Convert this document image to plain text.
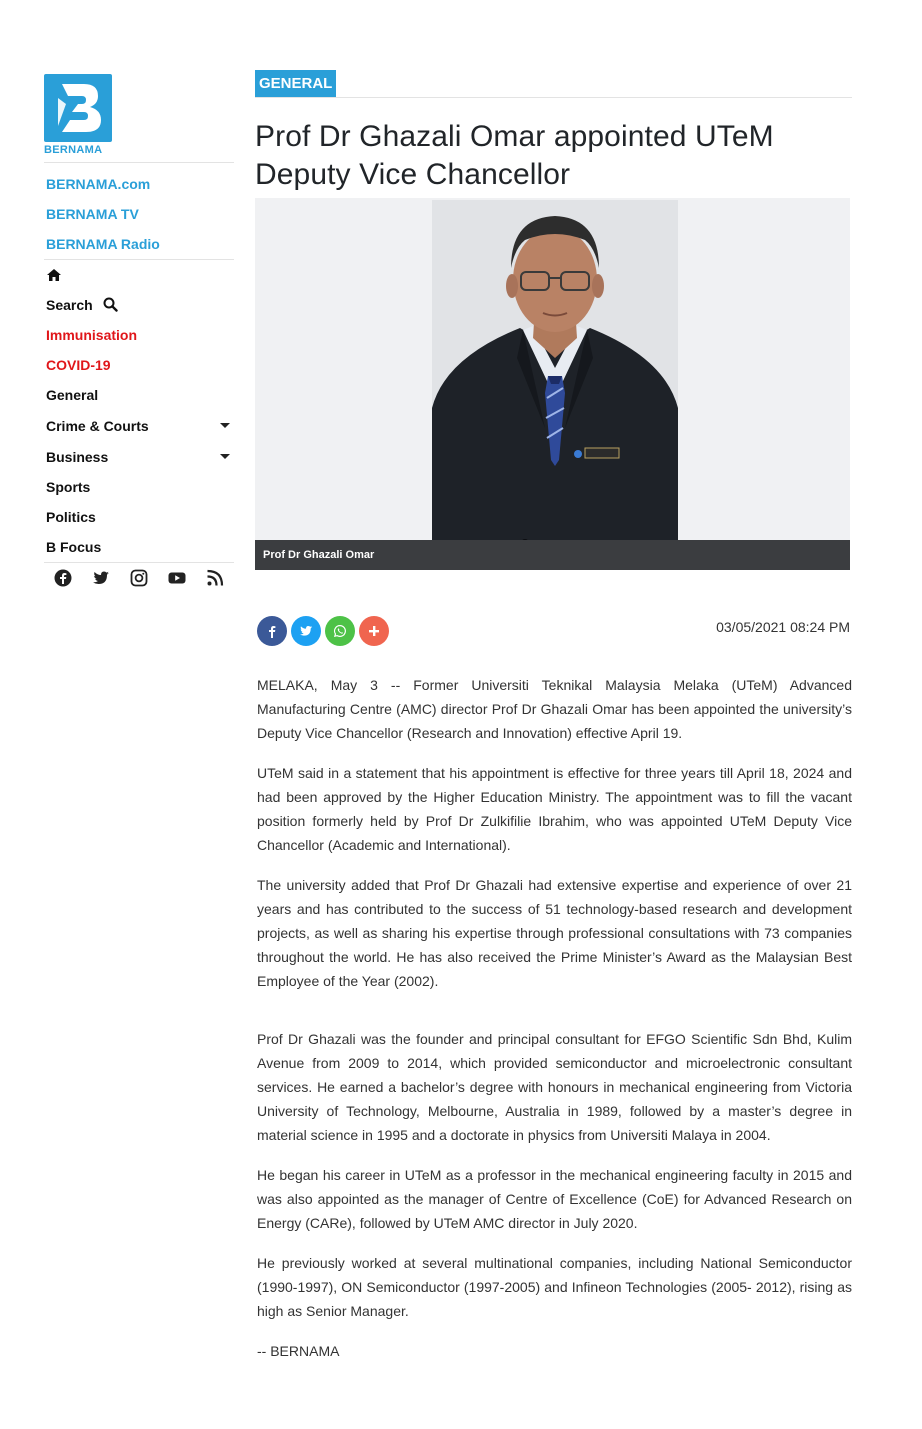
BERNAMA
BERNAMA.com
BERNAMA TV
BERNAMA Radio
Search
Immunisation
COVID-19
General
Crime & Courts
Business
Sports
Politics
B Focus
GENERAL
Prof Dr Ghazali Omar appointed UTeM Deputy Vice Chancellor
Prof Dr Ghazali Omar
03/05/2021 08:24 PM

MELAKA, May 3 -- Former Universiti Teknikal Malaysia Melaka (UTeM) Advanced Manufacturing Centre (AMC) director Prof Dr Ghazali Omar has been appointed the university’s Deputy Vice Chancellor (Research and Innovation) effective April 19.

UTeM said in a statement that his appointment is effective for three years till April 18, 2024 and had been approved by the Higher Education Ministry. The appointment was to fill the vacant position formerly held by Prof Dr Zulkifilie Ibrahim, who was appointed UTeM Deputy Vice Chancellor (Academic and International).

The university added that Prof Dr Ghazali had extensive expertise and experience of over 21 years and has contributed to the success of 51 technology-based research and development projects, as well as sharing his expertise through professional consultations with 73 companies throughout the world. He has also received the Prime Minister’s Award as the Malaysian Best Employee of the Year (2002).

Prof Dr Ghazali was the founder and principal consultant for EFGO Scientific Sdn Bhd, Kulim Avenue from 2009 to 2014, which provided semiconductor and microelectronic consultant services. He earned a bachelor’s degree with honours in mechanical engineering from Victoria University of Technology, Melbourne, Australia in 1989, followed by a master’s degree in material science in 1995 and a doctorate in physics from Universiti Malaya in 2004.

He began his career in UTeM as a professor in the mechanical engineering faculty in 2015 and was also appointed as the manager of Centre of Excellence (CoE) for Advanced Research on Energy (CARe), followed by UTeM AMC director in July 2020.

He previously worked at several multinational companies, including National Semiconductor (1990-1997), ON Semiconductor (1997-2005) and Infineon Technologies (2005- 2012), rising as high as Senior Manager.

-- BERNAMA
